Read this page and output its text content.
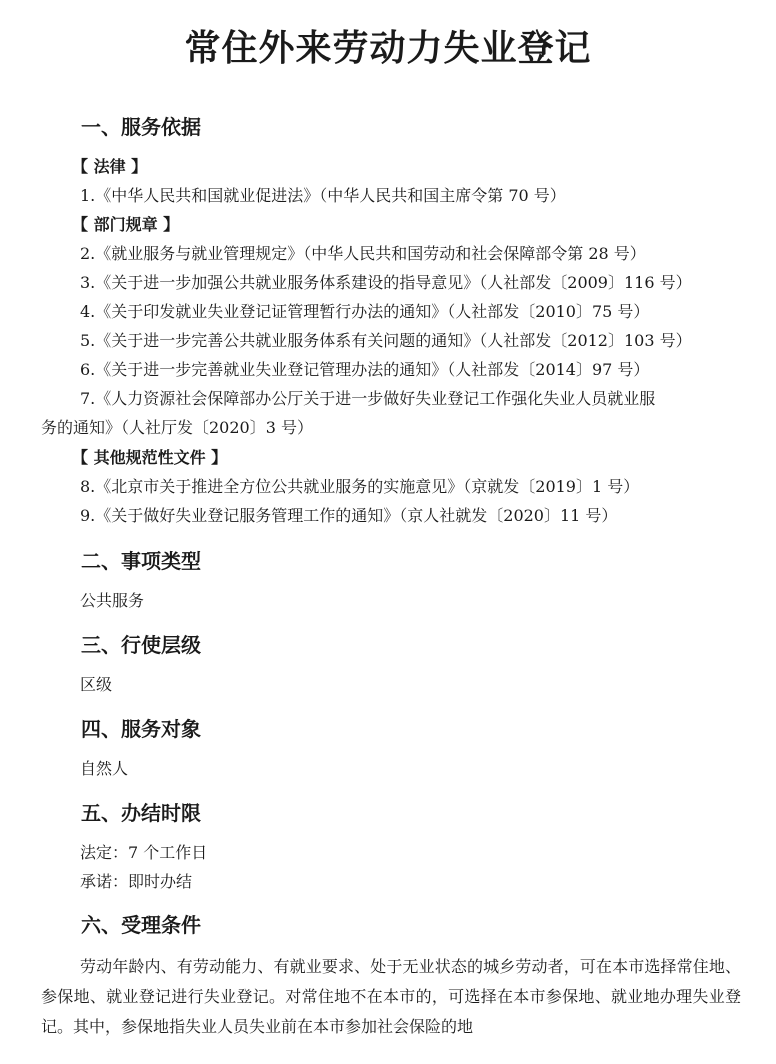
常住外来劳动力失业登记
一、服务依据
【 法律 】
1.《中华人民共和国就业促进法》（中华人民共和国主席令第 70 号）
【 部门规章 】
2.《就业服务与就业管理规定》（中华人民共和国劳动和社会保障部令第 28 号）
3.《关于进一步加强公共就业服务体系建设的指导意见》（人社部发〔2009〕116 号）
4.《关于印发就业失业登记证管理暂行办法的通知》（人社部发〔2010〕75 号）
5.《关于进一步完善公共就业服务体系有关问题的通知》（人社部发〔2012〕103 号）
6.《关于进一步完善就业失业登记管理办法的通知》（人社部发〔2014〕97 号）
7.《人力资源社会保障部办公厅关于进一步做好失业登记工作强化失业人员就业服
务的通知》（人社厅发〔2020〕3 号）
【 其他规范性文件 】
8.《北京市关于推进全方位公共就业服务的实施意见》（京就发〔2019〕1 号）
9.《关于做好失业登记服务管理工作的通知》（京人社就发〔2020〕11 号）
二、事项类型
公共服务
三、行使层级
区级
四、服务对象
自然人
五、办结时限
法定：7 个工作日
承诺：即时办结
六、受理条件

劳动年龄内、有劳动能力、有就业要求、处于无业状态的城乡劳动者，可在本市选择常住地、参保地、就业登记进行失业登记。对常住地不在本市的，可选择在本市参保地、就业地办理失业登记。其中，参保地指失业人员失业前在本市参加社会保险的地
